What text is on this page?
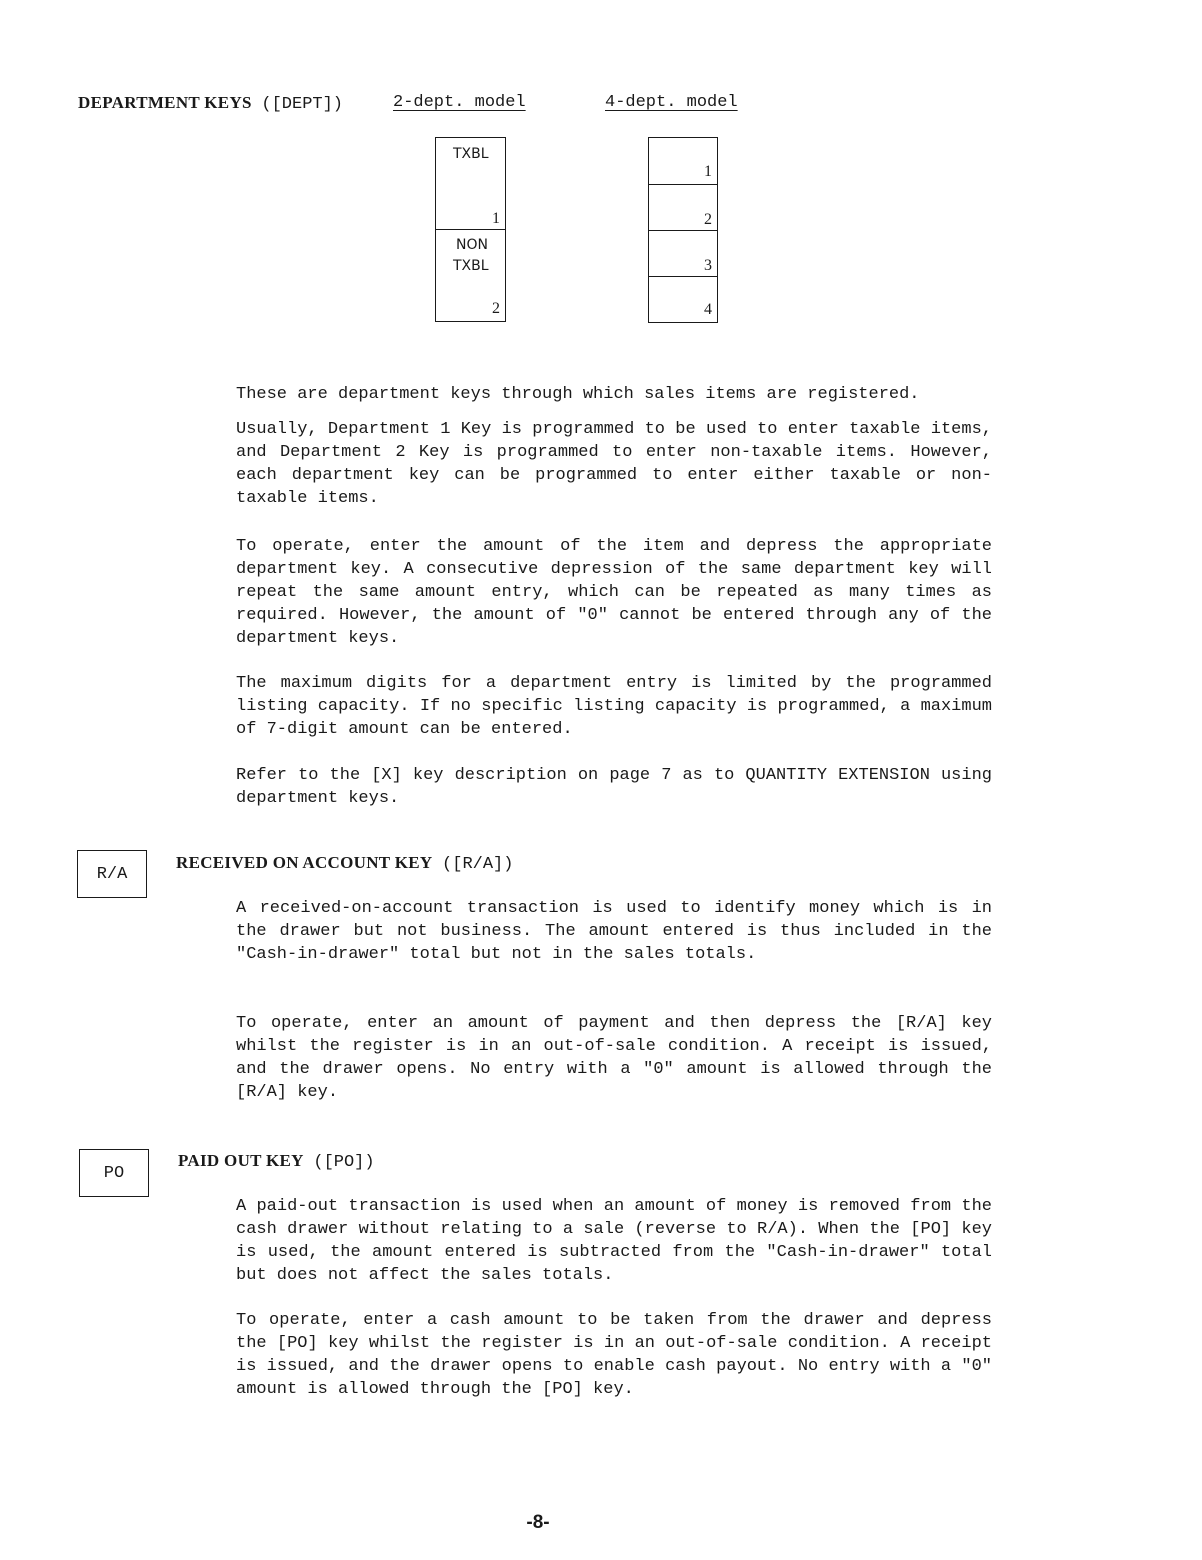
DEPARTMENT KEYS ([DEPT])	2-dept. model	4-dept. model
TXBL
1
NON
TXBL
2
1
2
3
4
These are department keys through which sales items are registered.
Usually, Department 1 Key is programmed to be used to enter taxable items, and Department 2 Key is programmed to enter non-taxable items. However, each department key can be programmed to enter either taxable or non-taxable items.
To operate, enter the amount of the item and depress the appropriate department key. A consecutive depression of the same department key will repeat the same amount entry, which can be repeated as many times as required. However, the amount of "0" cannot be entered through any of the department keys.
The maximum digits for a department entry is limited by the programmed listing capacity. If no specific listing capacity is programmed, a maximum of 7-digit amount can be entered.
Refer to the [X] key description on page 7 as to QUANTITY EXTENSION using department keys.
R/A
RECEIVED ON ACCOUNT KEY ([R/A])
A received-on-account transaction is used to identify money which is in the drawer but not business. The amount entered is thus included in the "Cash-in-drawer" total but not in the sales totals.
To operate, enter an amount of payment and then depress the [R/A] key whilst the register is in an out-of-sale condition. A receipt is issued, and the drawer opens. No entry with a "0" amount is allowed through the [R/A] key.
PO
PAID OUT KEY ([PO])
A paid-out transaction is used when an amount of money is removed from the cash drawer without relating to a sale (reverse to R/A). When the [PO] key is used, the amount entered is subtracted from the "Cash-in-drawer" total but does not affect the sales totals.
To operate, enter a cash amount to be taken from the drawer and depress the [PO] key whilst the register is in an out-of-sale condition. A receipt is issued, and the drawer opens to enable cash payout. No entry with a "0" amount is allowed through the [PO] key.
-8-
